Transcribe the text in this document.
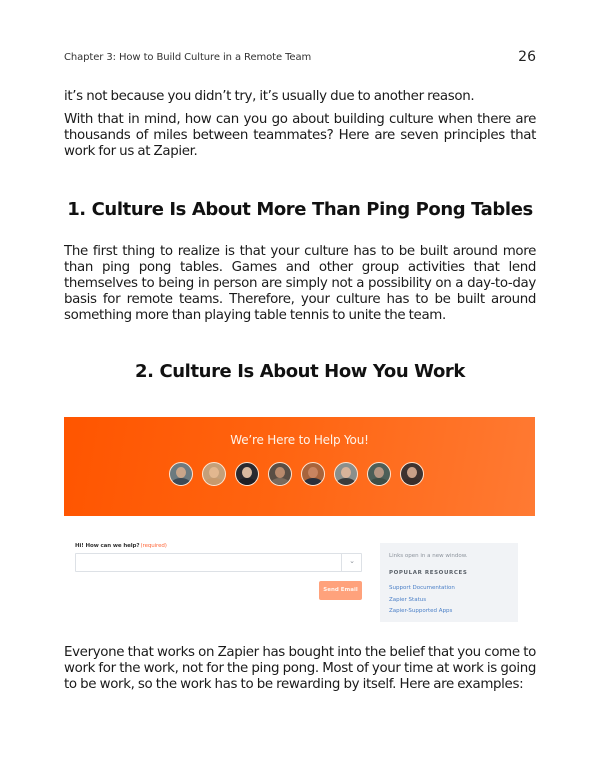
Chapter 3: How to Build Culture in a Remote Team	26

it’s not because you didn’t try, it’s usually due to another reason.

With that in mind, how can you go about building culture when there are thousands of miles between teammates? Here are seven principles that work for us at Zapier.

1. Culture Is About More Than Ping Pong Tables

The first thing to realize is that your culture has to be built around more than ping pong tables. Games and other group activities that lend themselves to being in person are simply not a possibility on a day-to-day basis for remote teams. Therefore, your culture has to be built around something more than playing table tennis to unite the team.

2. Culture Is About How You Work
We’re Here to Help You!
Hi! How can we help?(required)
⌄
Send Email
Links open in a new window.
POPULAR RESOURCES
Support Documentation
Zapier Status
Zapier-Supported Apps

Everyone that works on Zapier has bought into the belief that you come to work for the work, not for the ping pong. Most of your time at work is going to be work, so the work has to be rewarding by itself. Here are examples:
